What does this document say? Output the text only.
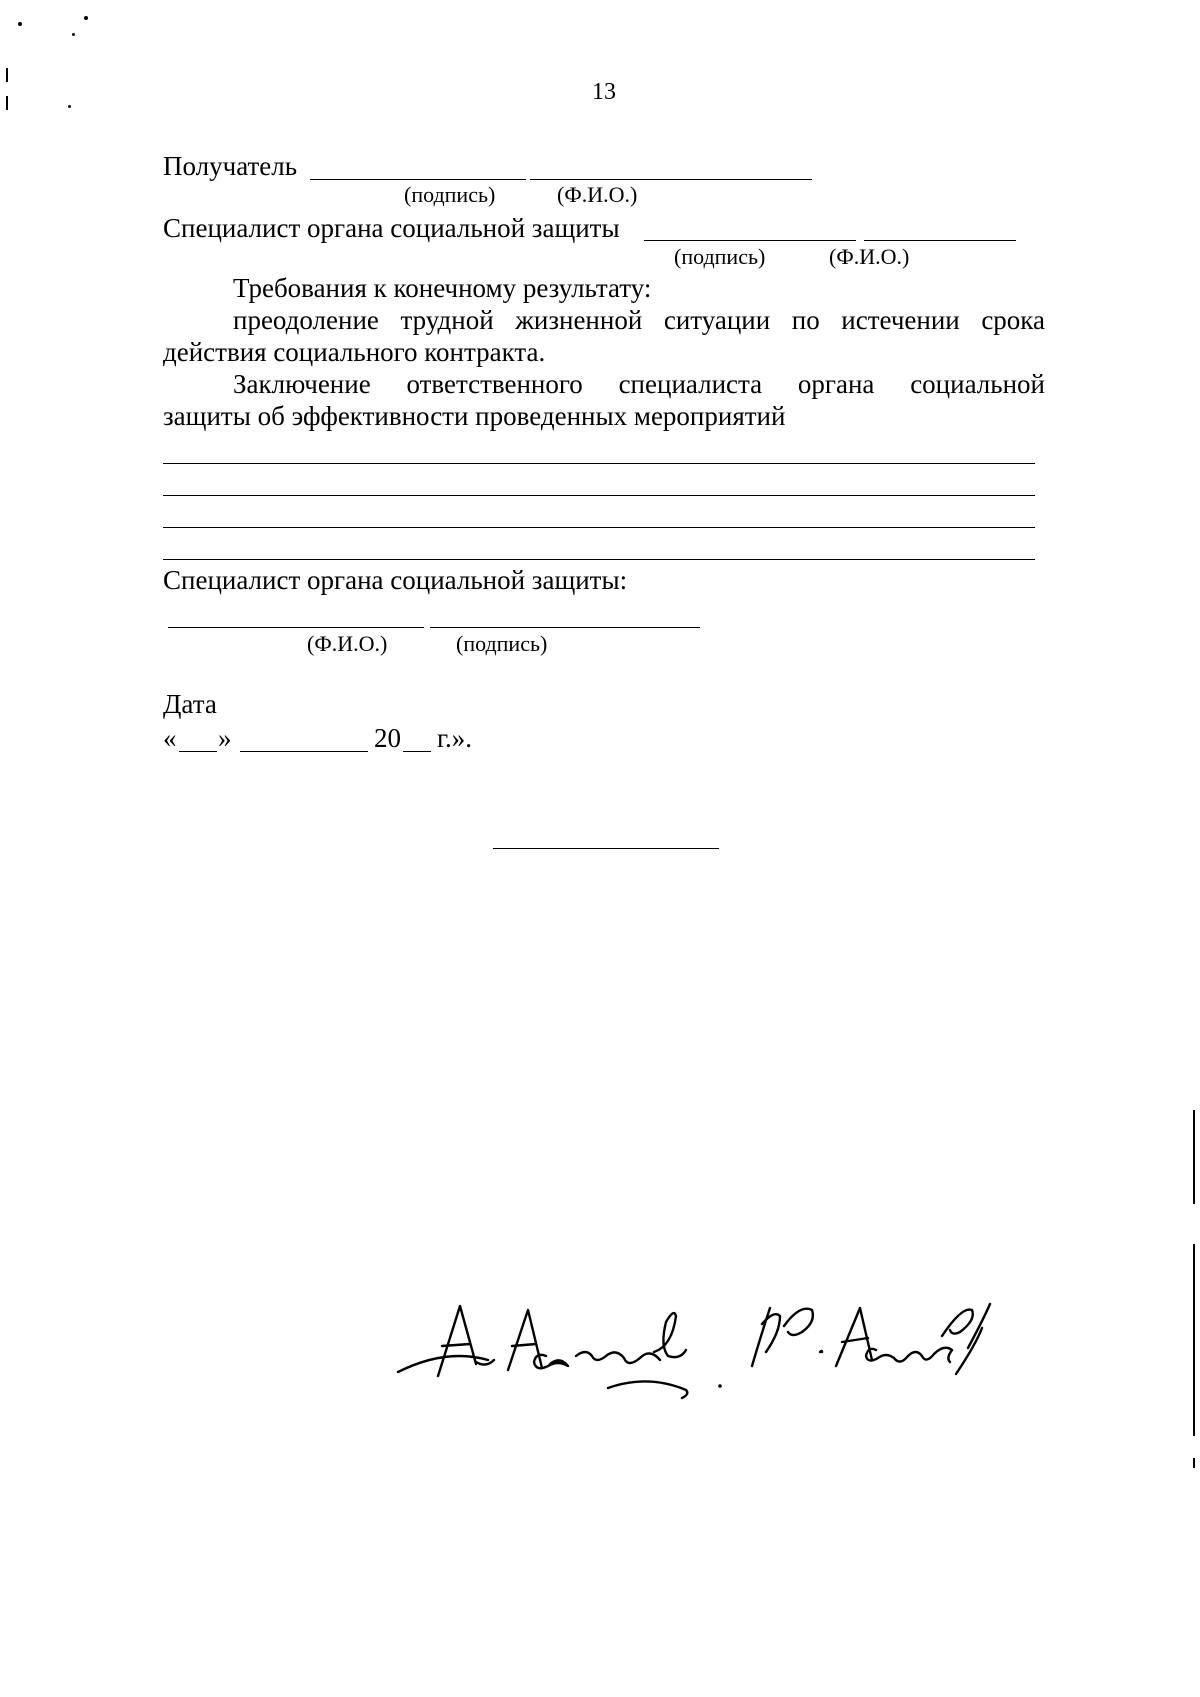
13
Получатель
(подпись)	(Ф.И.О.)
Специалист органа социальной защиты
(подпись)	(Ф.И.О.)
Требования к конечному результату:
преодоление трудной жизненной ситуации по истечении срока
действия социального контракта.
Заключение ответственного специалиста органа социальной
защиты об эффективности проведенных мероприятий
Специалист органа социальной защиты:
(Ф.И.О.)	(подпись)
Дата
« »	20 г.».
